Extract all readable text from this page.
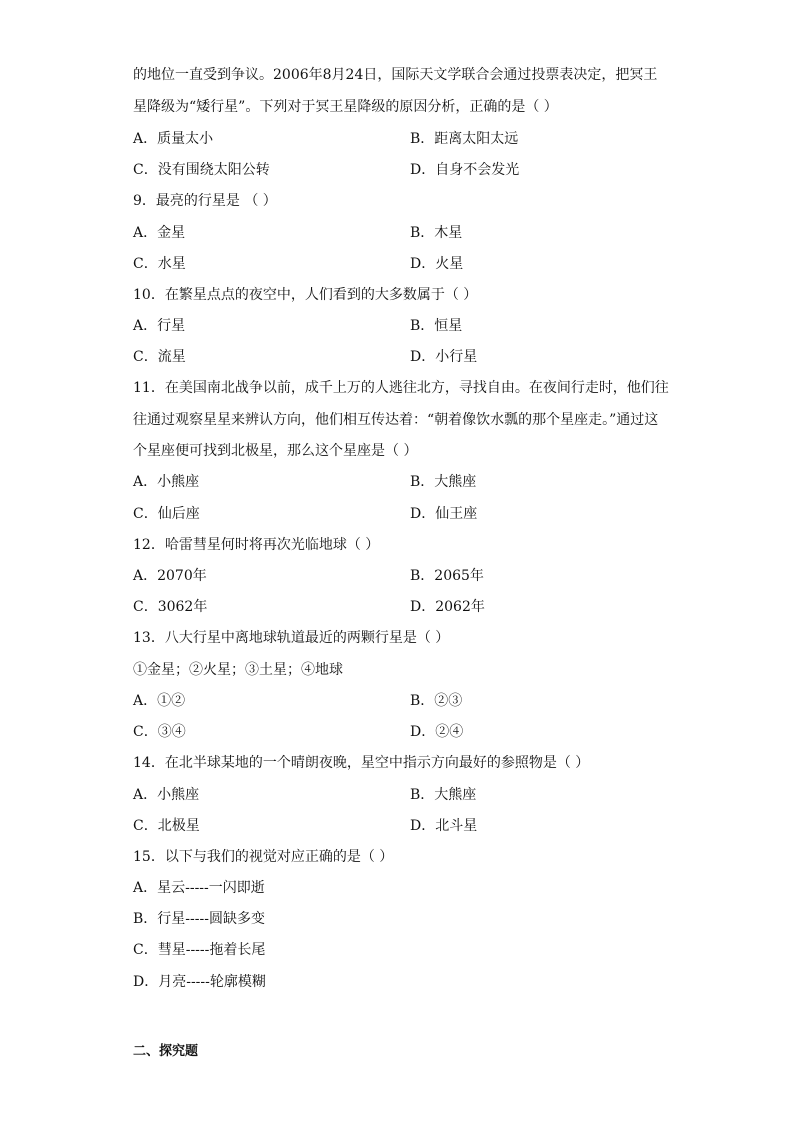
的地位一直受到争议。2006年8月24日，国际天文学联合会通过投票表决定，把冥王
星降级为“矮行星”。下列对于冥王星降级的原因分析，正确的是（ ）
A．质量太小	B．距离太阳太远
C．没有围绕太阳公转	D．自身不会发光
9．最亮的行星是 （ ）
A．金星	B．木星
C．水星	D．火星
10．在繁星点点的夜空中，人们看到的大多数属于（ ）
A．行星	B．恒星
C．流星	D．小行星
11．在美国南北战争以前，成千上万的人逃往北方，寻找自由。在夜间行走时，他们往
往通过观察星星来辨认方向，他们相互传达着：“朝着像饮水瓢的那个星座走。”通过这
个星座便可找到北极星，那么这个星座是（ ）
A．小熊座	B．大熊座
C．仙后座	D．仙王座
12．哈雷彗星何时将再次光临地球（ ）
A．2070年	B．2065年
C．3062年	D．2062年
13．八大行星中离地球轨道最近的两颗行星是（ ）
①金星；②火星；③土星；④地球
A．①②	B．②③
C．③④	D．②④
14．在北半球某地的一个晴朗夜晚，星空中指示方向最好的参照物是（ ）
A．小熊座	B．大熊座
C．北极星	D．北斗星
15．以下与我们的视觉对应正确的是（ ）
A．星云-----一闪即逝
B．行星-----圆缺多变
C．彗星-----拖着长尾
D．月亮-----轮廓模糊
二、探究题
